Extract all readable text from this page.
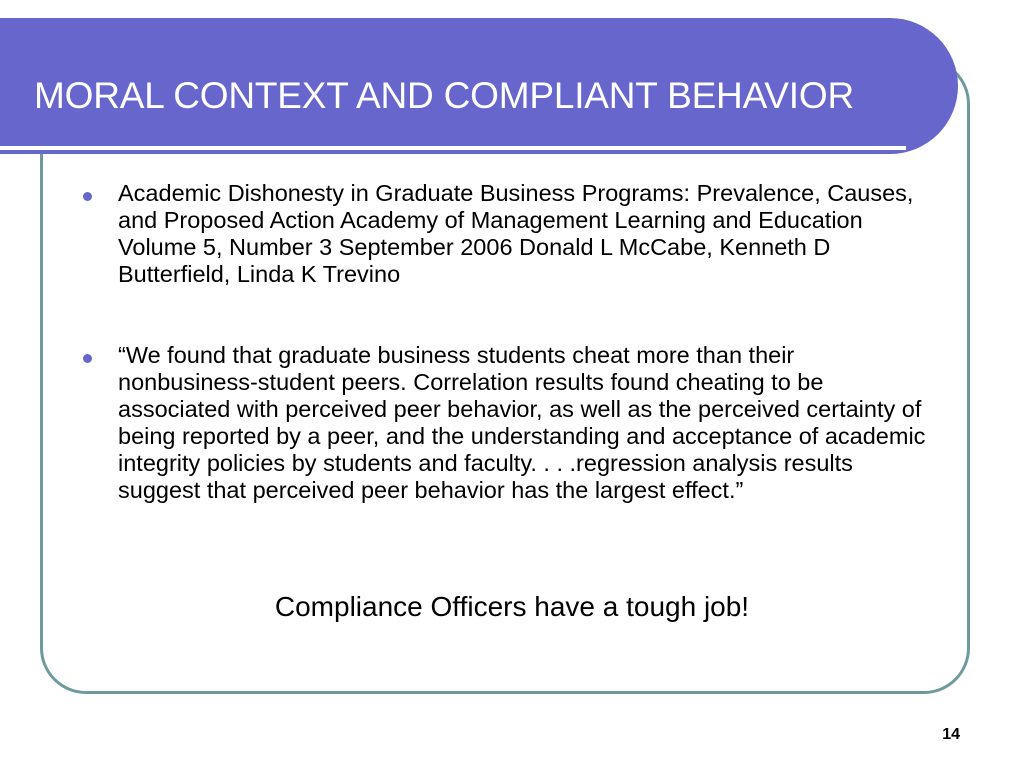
MORAL CONTEXT AND COMPLIANT BEHAVIOR
Academic Dishonesty in Graduate Business Programs: Prevalence, Causes, and Proposed Action Academy of Management Learning and Education Volume 5, Number 3 September 2006 Donald L McCabe, Kenneth D Butterfield, Linda K Trevino
“We found that graduate business students cheat more than their nonbusiness-student peers. Correlation results found cheating to be associated with perceived peer behavior, as well as the perceived certainty of being reported by a peer, and the understanding and acceptance of academic integrity policies by students and faculty. . . .regression analysis results suggest that perceived peer behavior has the largest effect.”

Compliance Officers have a tough job!

14
